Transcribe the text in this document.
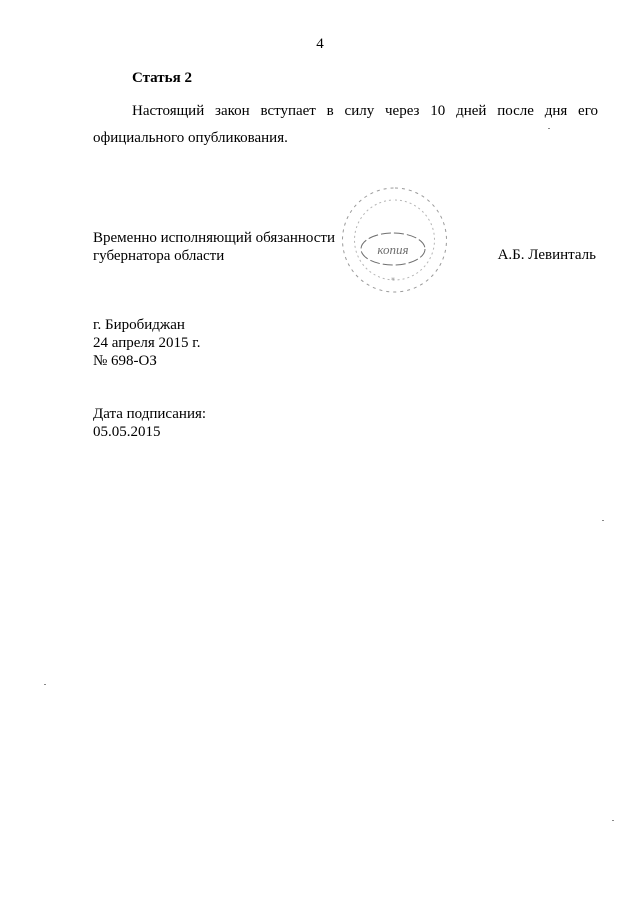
4
Статья 2

Настоящий закон вступает в силу через 10 дней после дня его официального опубликования.

Временно исполняющий обязанности
губернатора области	копия
*
А.Б. Левинталь
г. Биробиджан
24 апреля 2015 г.
№ 698-ОЗ
Дата подписания:
05.05.2015
